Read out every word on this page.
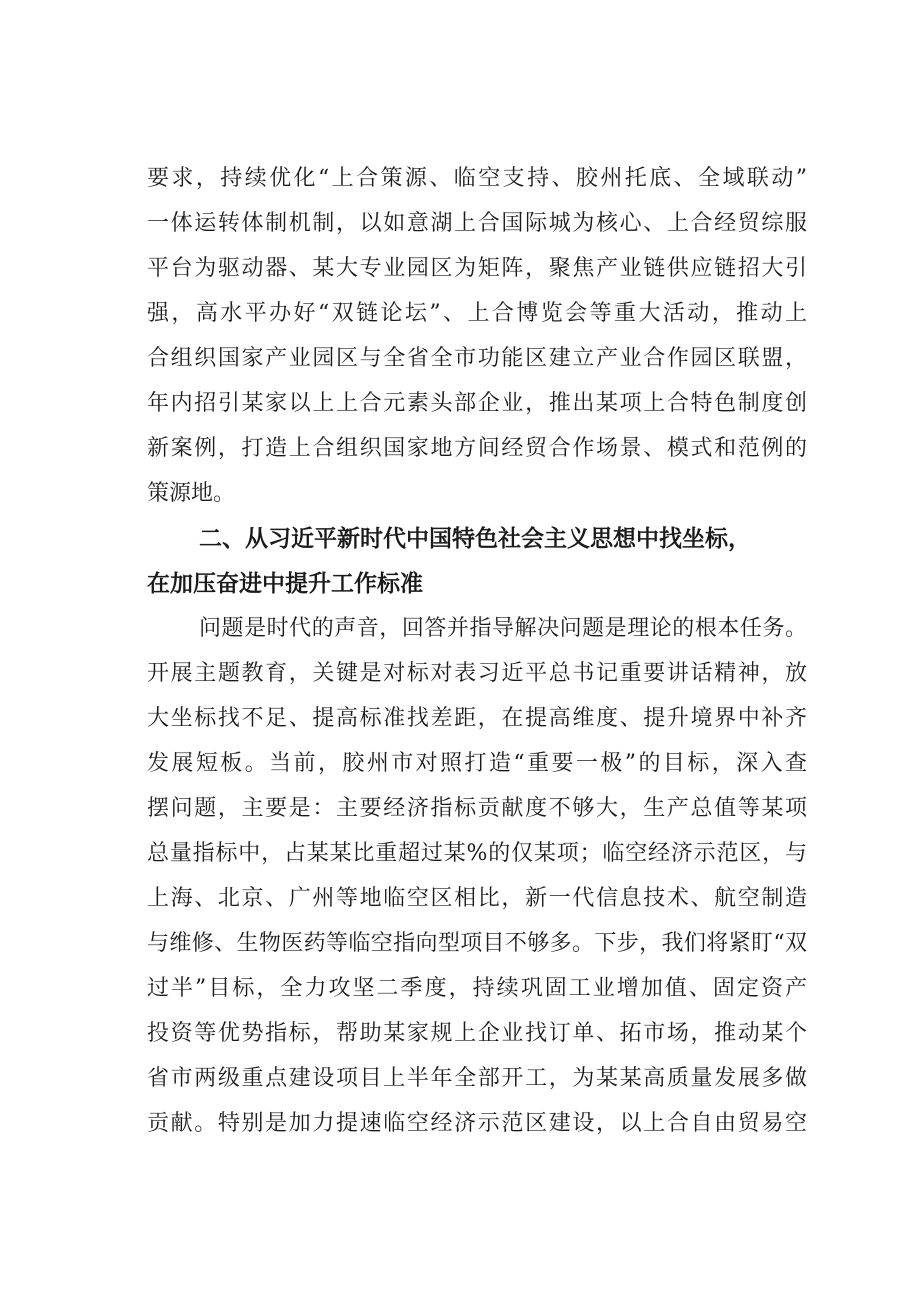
要求，持续优化“上合策源、临空支持、胶州托底、全域联动”
一体运转体制机制，以如意湖上合国际城为核心、上合经贸综服
平台为驱动器、某大专业园区为矩阵，聚焦产业链供应链招大引
强，高水平办好“双链论坛”、上合博览会等重大活动，推动上
合组织国家产业园区与全省全市功能区建立产业合作园区联盟，
年内招引某家以上上合元素头部企业，推出某项上合特色制度创
新案例，打造上合组织国家地方间经贸合作场景、模式和范例的
策源地。
二、从习近平新时代中国特色社会主义思想中找坐标，
在加压奋进中提升工作标准
问题是时代的声音，回答并指导解决问题是理论的根本任务。
开展主题教育，关键是对标对表习近平总书记重要讲话精神，放
大坐标找不足、提高标准找差距，在提高维度、提升境界中补齐
发展短板。当前，胶州市对照打造“重要一极”的目标，深入查
摆问题，主要是：主要经济指标贡献度不够大，生产总值等某项
总量指标中，占某某比重超过某%的仅某项；临空经济示范区，与
上海、北京、广州等地临空区相比，新一代信息技术、航空制造
与维修、生物医药等临空指向型项目不够多。下步，我们将紧盯“双
过半”目标，全力攻坚二季度，持续巩固工业增加值、固定资产
投资等优势指标，帮助某家规上企业找订单、拓市场，推动某个
省市两级重点建设项目上半年全部开工，为某某高质量发展多做
贡献。特别是加力提速临空经济示范区建设，以上合自由贸易空
